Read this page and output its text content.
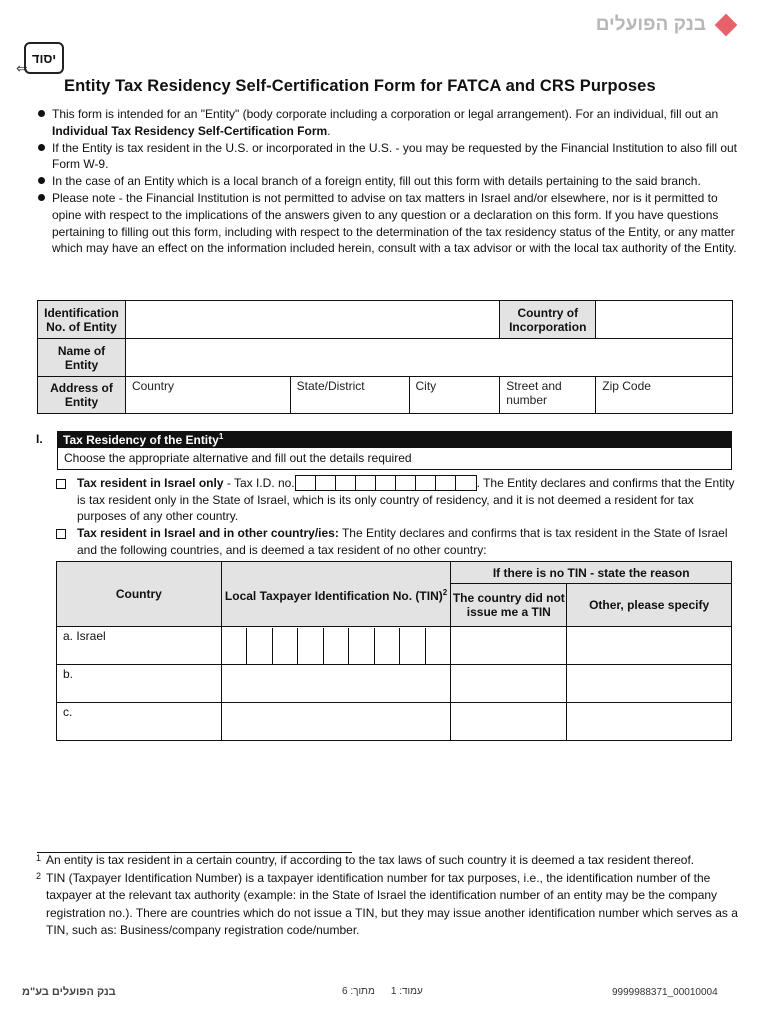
בנק הפועלים
⇐
יסוד
Entity Tax Residency Self-Certification Form for FATCA and CRS Purposes
This form is intended for an "Entity" (body corporate including a corporation or legal arrangement). For an individual, fill out an Individual Tax Residency Self-Certification Form.
If the Entity is tax resident in the U.S. or incorporated in the U.S. - you may be requested by the Financial Institution to also fill out Form W-9.
In the case of an Entity which is a local branch of a foreign entity, fill out this form with details pertaining to the said branch.
Please note - the Financial Institution is not permitted to advise on tax matters in Israel and/or elsewhere, nor is it permitted to opine with respect to the implications of the answers given to any question or a declaration on this form. If you have questions pertaining to filling out this form, including with respect to the determination of the tax residency status of the Entity, or any matter which may have an effect on the information included herein, consult with a tax advisor or with the local tax authority of the Entity.
Identification No. of Entity				Country of Incorporation	
Name of Entity					
Address of Entity	Country	State/District	City	Street and number	Zip Code
I.	Tax Residency of the Entity$^1$
Choose the appropriate alternative and fill out the details required
Tax resident in Israel only - Tax I.D. no.	. The Entity declares and confirms that the Entity is tax resident only in the State of Israel, which is its only country of residency, and it is not deemed a resident for tax purposes of any other country.
Tax resident in Israel and in other country/ies: The Entity declares and confirms that is tax resident in the State of Israel and the following countries, and is deemed a tax resident of no other country:
Country	Local Taxpayer Identification No. (TIN)$^2$	If there is no TIN - state the reason	
		The country did not issue me a TIN	Other, please specify
a. Israel	

b.			
c.			
1 An entity is tax resident in a certain country, if according to the tax laws of such country it is deemed a tax resident thereof.
2 TIN (Taxpayer Identification Number) is a taxpayer identification number for tax purposes, i.e., the identification number of the taxpayer at the relevant tax authority (example: in the State of Israel the identification number of an entity may be the company registration no.). There are countries which do not issue a TIN, but they may issue another identification number which serves as a TIN, such as: Business/company registration code/number.
בנק הפועלים בע"מ	עמוד: 1
מתוך: 6	9999988371_00010004
